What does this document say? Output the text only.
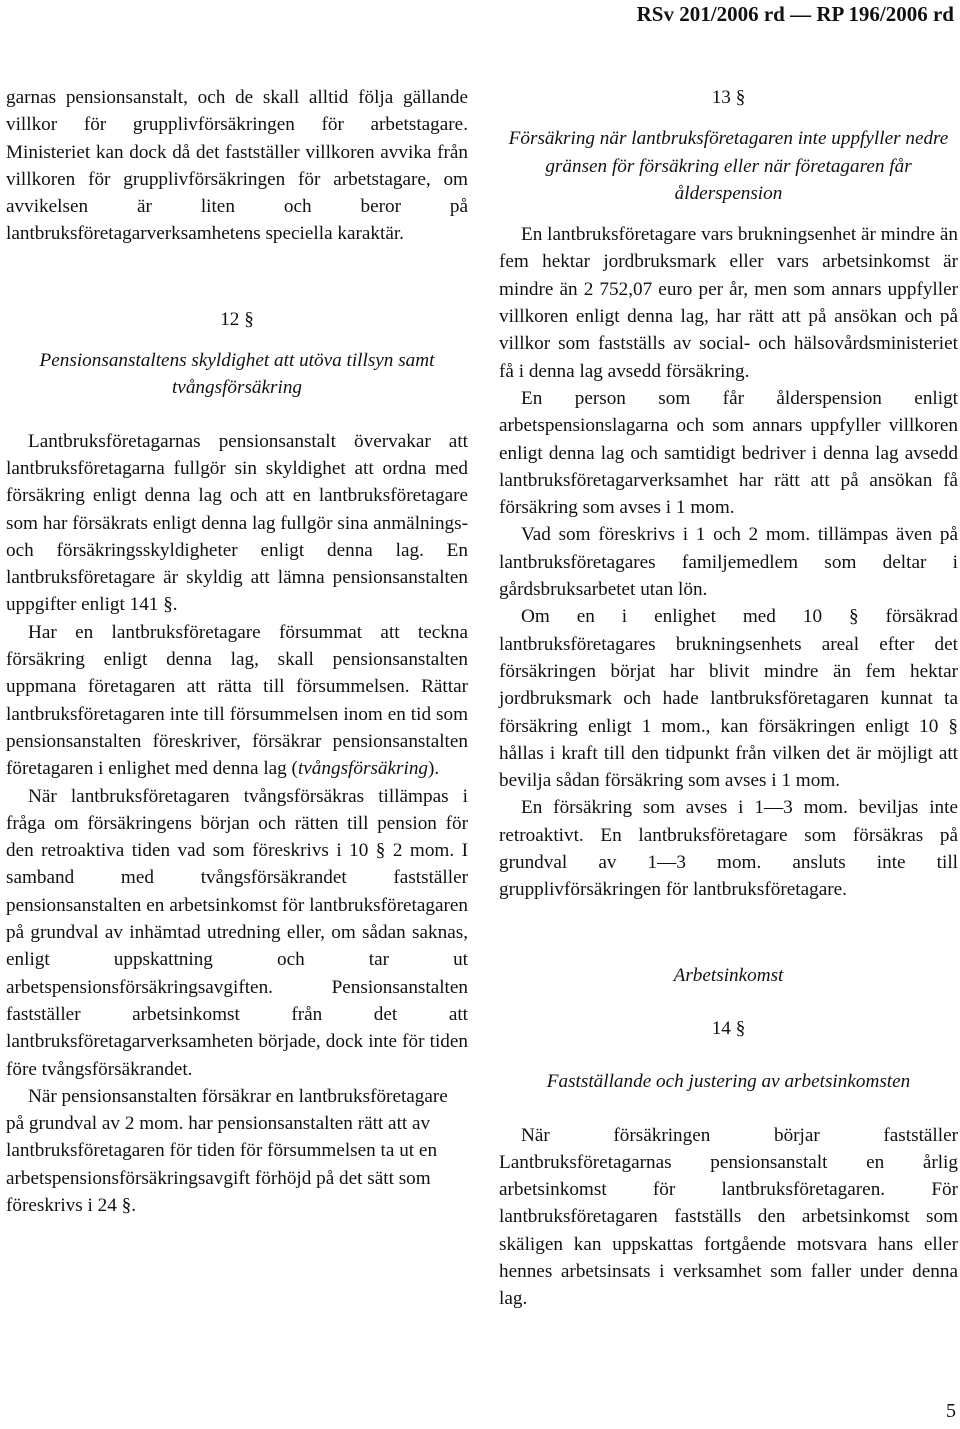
RSv 201/2006 rd — RP 196/2006 rd

garnas pensionsanstalt, och de skall alltid följa gällande villkor för grupplivförsäkringen för arbetstagare. Ministeriet kan dock då det fastställer villkoren avvika från villkoren för grupplivförsäkringen för arbetstagare, om avvikelsen är liten och beror på lantbruksföretagarverksamhetens speciella karaktär.

12 §
Pensionsanstaltens skyldighet att utöva tillsyn samt tvångsförsäkring

Lantbruksföretagarnas pensionsanstalt övervakar att lantbruksföretagarna fullgör sin skyldighet att ordna med försäkring enligt denna lag och att en lantbruksföretagare som har försäkrats enligt denna lag fullgör sina anmälnings- och försäkringsskyldigheter enligt denna lag. En lantbruksföretagare är skyldig att lämna pensionsanstalten uppgifter enligt 141 §.

Har en lantbruksföretagare försummat att teckna försäkring enligt denna lag, skall pensionsanstalten uppmana företagaren att rätta till försummelsen. Rättar lantbruksföretagaren inte till försummelsen inom en tid som pensionsanstalten föreskriver, försäkrar pensionsanstalten företagaren i enlighet med denna lag (tvångsförsäkring).

När lantbruksföretagaren tvångsförsäkras tillämpas i fråga om försäkringens början och rätten till pension för den retroaktiva tiden vad som föreskrivs i 10 § 2 mom. I samband med tvångsförsäkrandet fastställer pensionsanstalten en arbetsinkomst för lantbruksföretagaren på grundval av inhämtad utredning eller, om sådan saknas, enligt uppskattning och tar ut arbetspensionsförsäkringsavgiften. Pensionsanstalten fastställer arbetsinkomst från det att lantbruksföretagarverksamheten började, dock inte för tiden före tvångsförsäkrandet.

När pensionsanstalten försäkrar en lantbruksföretagare på grundval av 2 mom. har pensionsanstalten rätt att av lantbruksföretagaren för tiden för försummelsen ta ut en arbetspensionsförsäkringsavgift förhöjd på det sätt som föreskrivs i 24 §.

13 §
Försäkring när lantbruksföretagaren inte uppfyller nedre gränsen för försäkring eller när företagaren får ålderspension

En lantbruksföretagare vars brukningsenhet är mindre än fem hektar jordbruksmark eller vars arbetsinkomst är mindre än 2 752,07 euro per år, men som annars uppfyller villkoren enligt denna lag, har rätt att på ansökan och på villkor som fastställs av social- och hälsovårdsministeriet få i denna lag avsedd försäkring.

En person som får ålderspension enligt arbetspensionslagarna och som annars uppfyller villkoren enligt denna lag och samtidigt bedriver i denna lag avsedd lantbruksföretagarverksamhet har rätt att på ansökan få försäkring som avses i 1 mom.

Vad som föreskrivs i 1 och 2 mom. tillämpas även på lantbruksföretagares familjemedlem som deltar i gårdsbruksarbetet utan lön.

Om en i enlighet med 10 § försäkrad lantbruksföretagares brukningsenhets areal efter det försäkringen börjat har blivit mindre än fem hektar jordbruksmark och hade lantbruksföretagaren kunnat ta försäkring enligt 1 mom., kan försäkringen enligt 10 § hållas i kraft till den tidpunkt från vilken det är möjligt att bevilja sådan försäkring som avses i 1 mom.

En försäkring som avses i 1—3 mom. beviljas inte retroaktivt. En lantbruksföretagare som försäkras på grundval av 1—3 mom. ansluts inte till grupplivförsäkringen för lantbruksföretagare.

Arbetsinkomst
14 §
Fastställande och justering av arbetsinkomsten

När försäkringen börjar fastställer Lantbruksföretagarnas pensionsanstalt en årlig arbetsinkomst för lantbruksföretagaren. För lantbruksföretagaren fastställs den arbetsinkomst som skäligen kan uppskattas fortgående motsvara hans eller hennes arbetsinsats i verksamhet som faller under denna lag.

5
